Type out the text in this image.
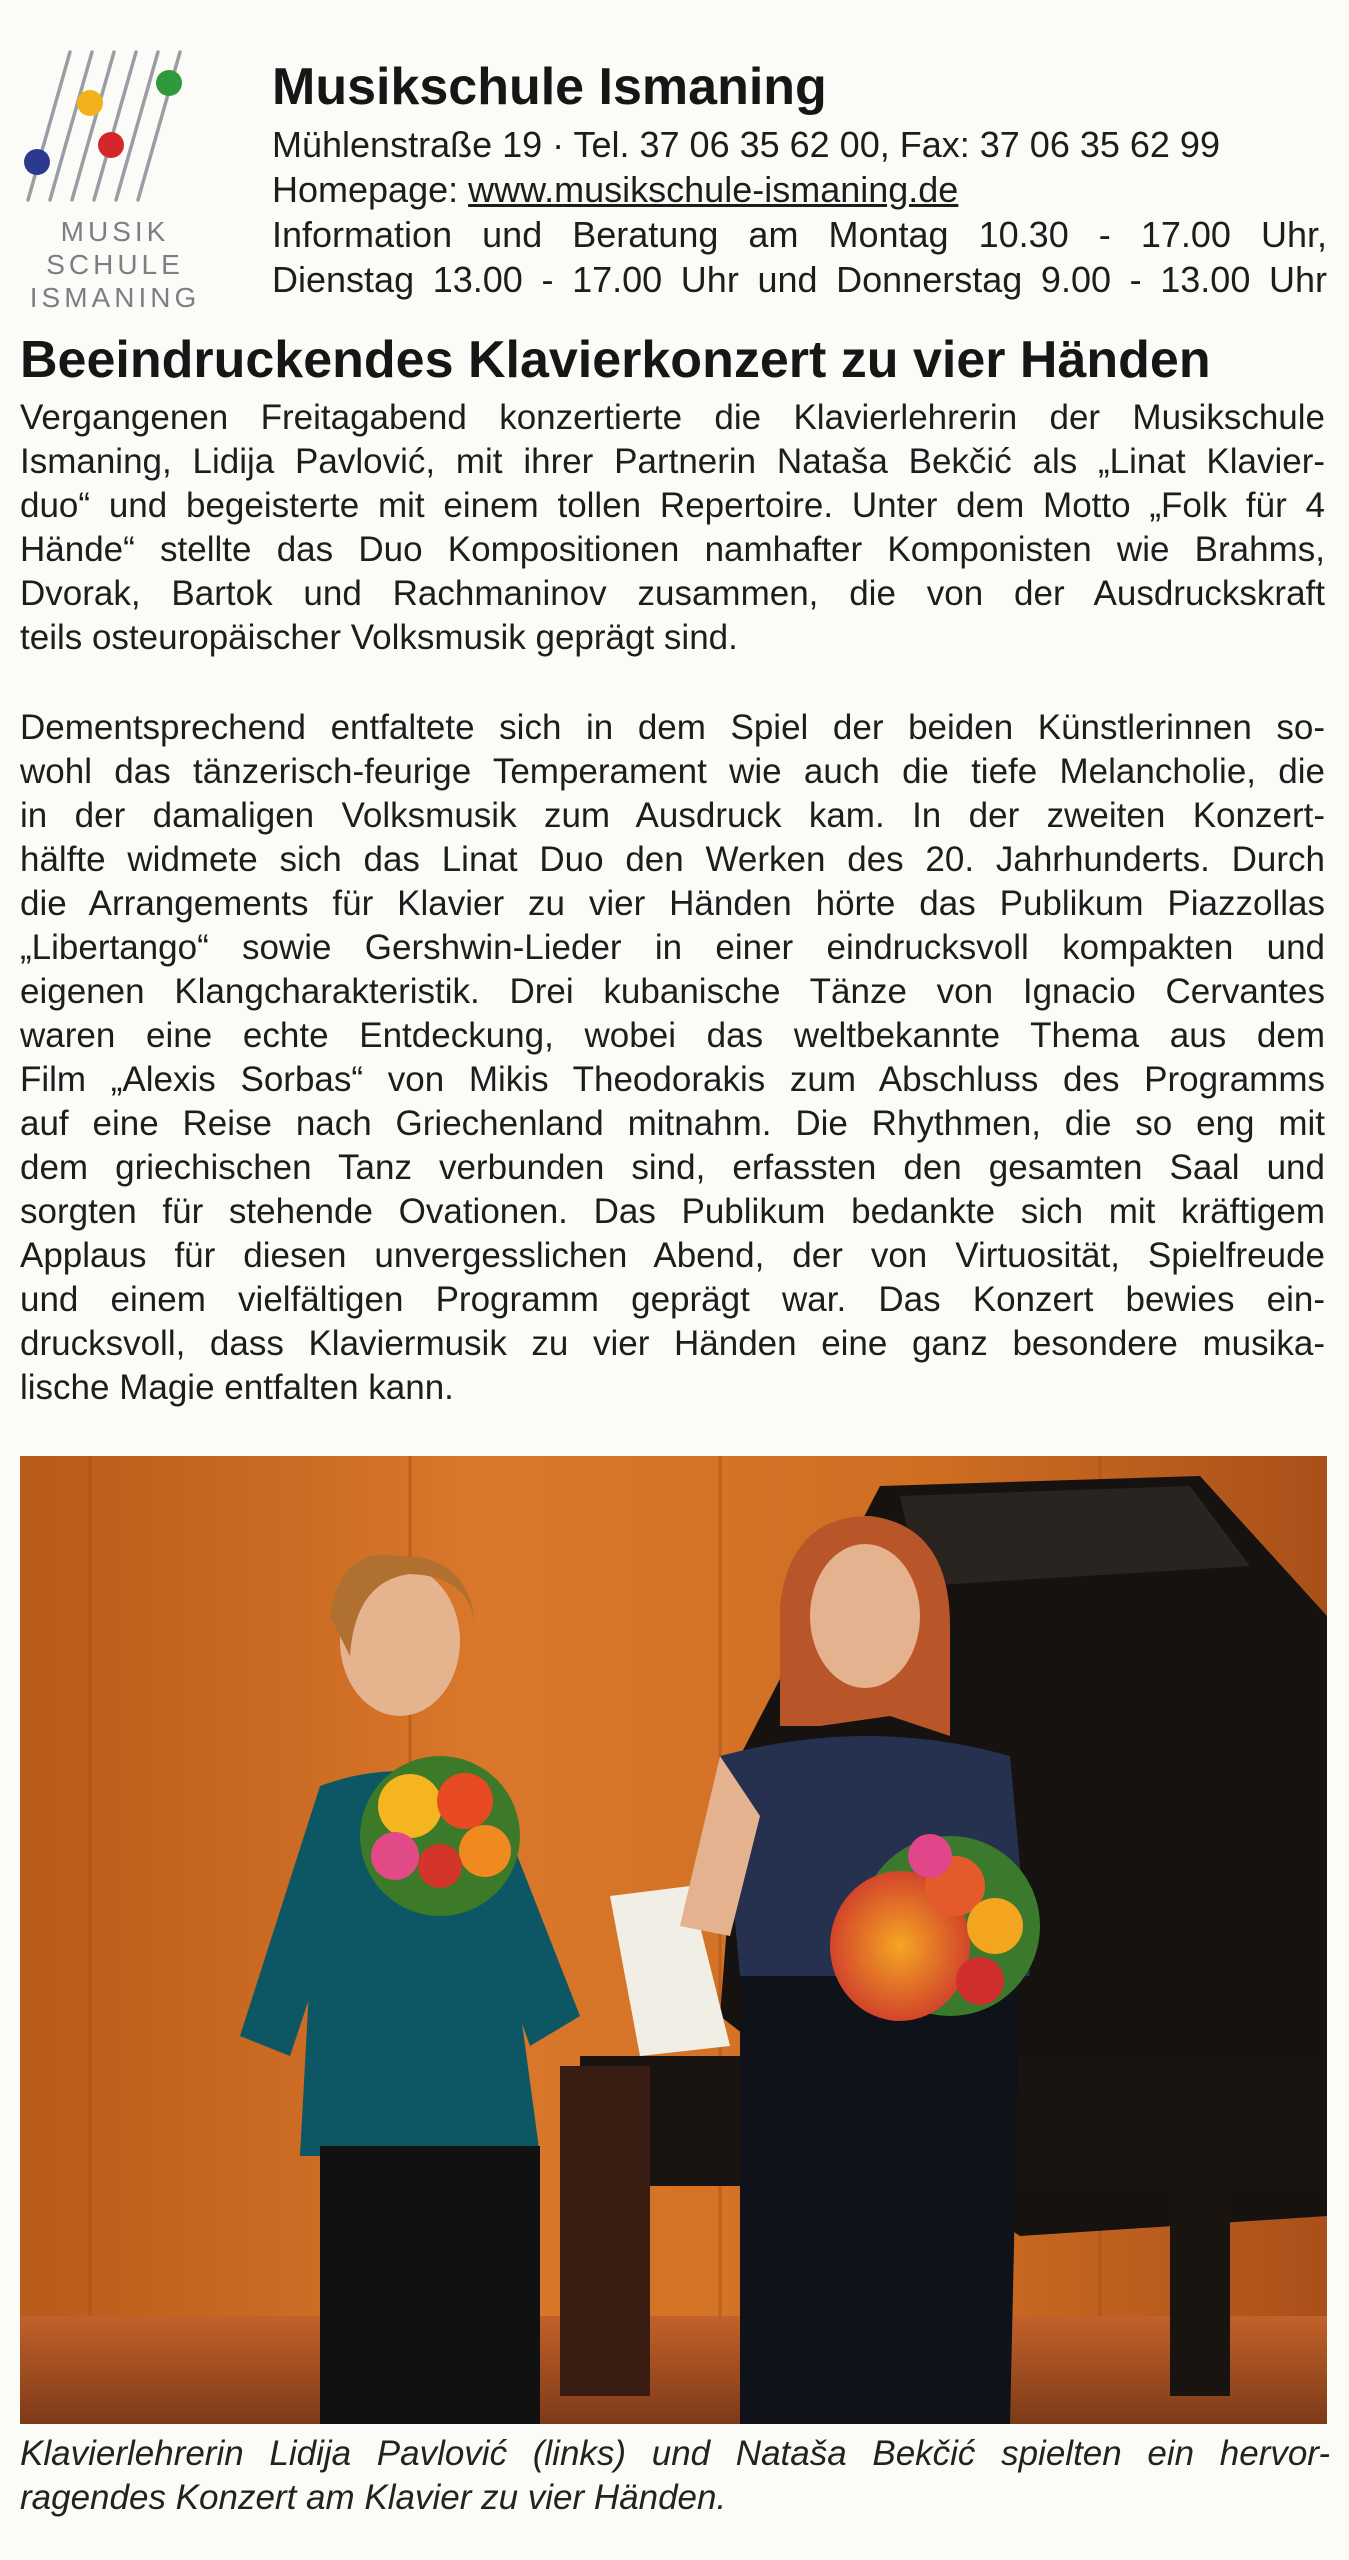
MUSIK
SCHULE
ISMANING
Musikschule Ismaning
Mühlenstraße 19 · Tel. 37 06 35 62 00, Fax: 37 06 35 62 99
Homepage: www.musikschule-ismaning.de
Information und Beratung am Montag 10.30 - 17.00 Uhr,
Dienstag 13.00 - 17.00 Uhr und Donnerstag 9.00 - 13.00 Uhr
Beeindruckendes Klavierkonzert zu vier Händen

Vergangenen Freitagabend konzertierte die Klavierlehrerin der Musikschule
Ismaning, Lidija Pavlović, mit ihrer Partnerin Nataša Bekčić als „Linat Klavier-
duo“ und begeisterte mit einem tollen Repertoire. Unter dem Motto „Folk für 4
Hände“ stellte das Duo Kompositionen namhafter Komponisten wie Brahms,
Dvorak, Bartok und Rachmaninov zusammen, die von der Ausdruckskraft
teils osteuropäischer Volksmusik geprägt sind.

Dementsprechend entfaltete sich in dem Spiel der beiden Künstlerinnen so-
wohl das tänzerisch-feurige Temperament wie auch die tiefe Melancholie, die
in der damaligen Volksmusik zum Ausdruck kam. In der zweiten Konzert-
hälfte widmete sich das Linat Duo den Werken des 20. Jahrhunderts. Durch
die Arrangements für Klavier zu vier Händen hörte das Publikum Piazzollas
„Libertango“ sowie Gershwin-Lieder in einer eindrucksvoll kompakten und
eigenen Klangcharakteristik. Drei kubanische Tänze von Ignacio Cervantes
waren eine echte Entdeckung, wobei das weltbekannte Thema aus dem
Film „Alexis Sorbas“ von Mikis Theodorakis zum Abschluss des Programms
auf eine Reise nach Griechenland mitnahm. Die Rhythmen, die so eng mit
dem griechischen Tanz verbunden sind, erfassten den gesamten Saal und
sorgten für stehende Ovationen. Das Publikum bedankte sich mit kräftigem
Applaus für diesen unvergesslichen Abend, der von Virtuosität, Spielfreude
und einem vielfältigen Programm geprägt war. Das Konzert bewies ein-
drucksvoll, dass Klaviermusik zu vier Händen eine ganz besondere musika-
lische Magie entfalten kann.

Klavierlehrerin Lidija Pavlović (links) und Nataša Bekčić spielten ein hervor-
ragendes Konzert am Klavier zu vier Händen.
